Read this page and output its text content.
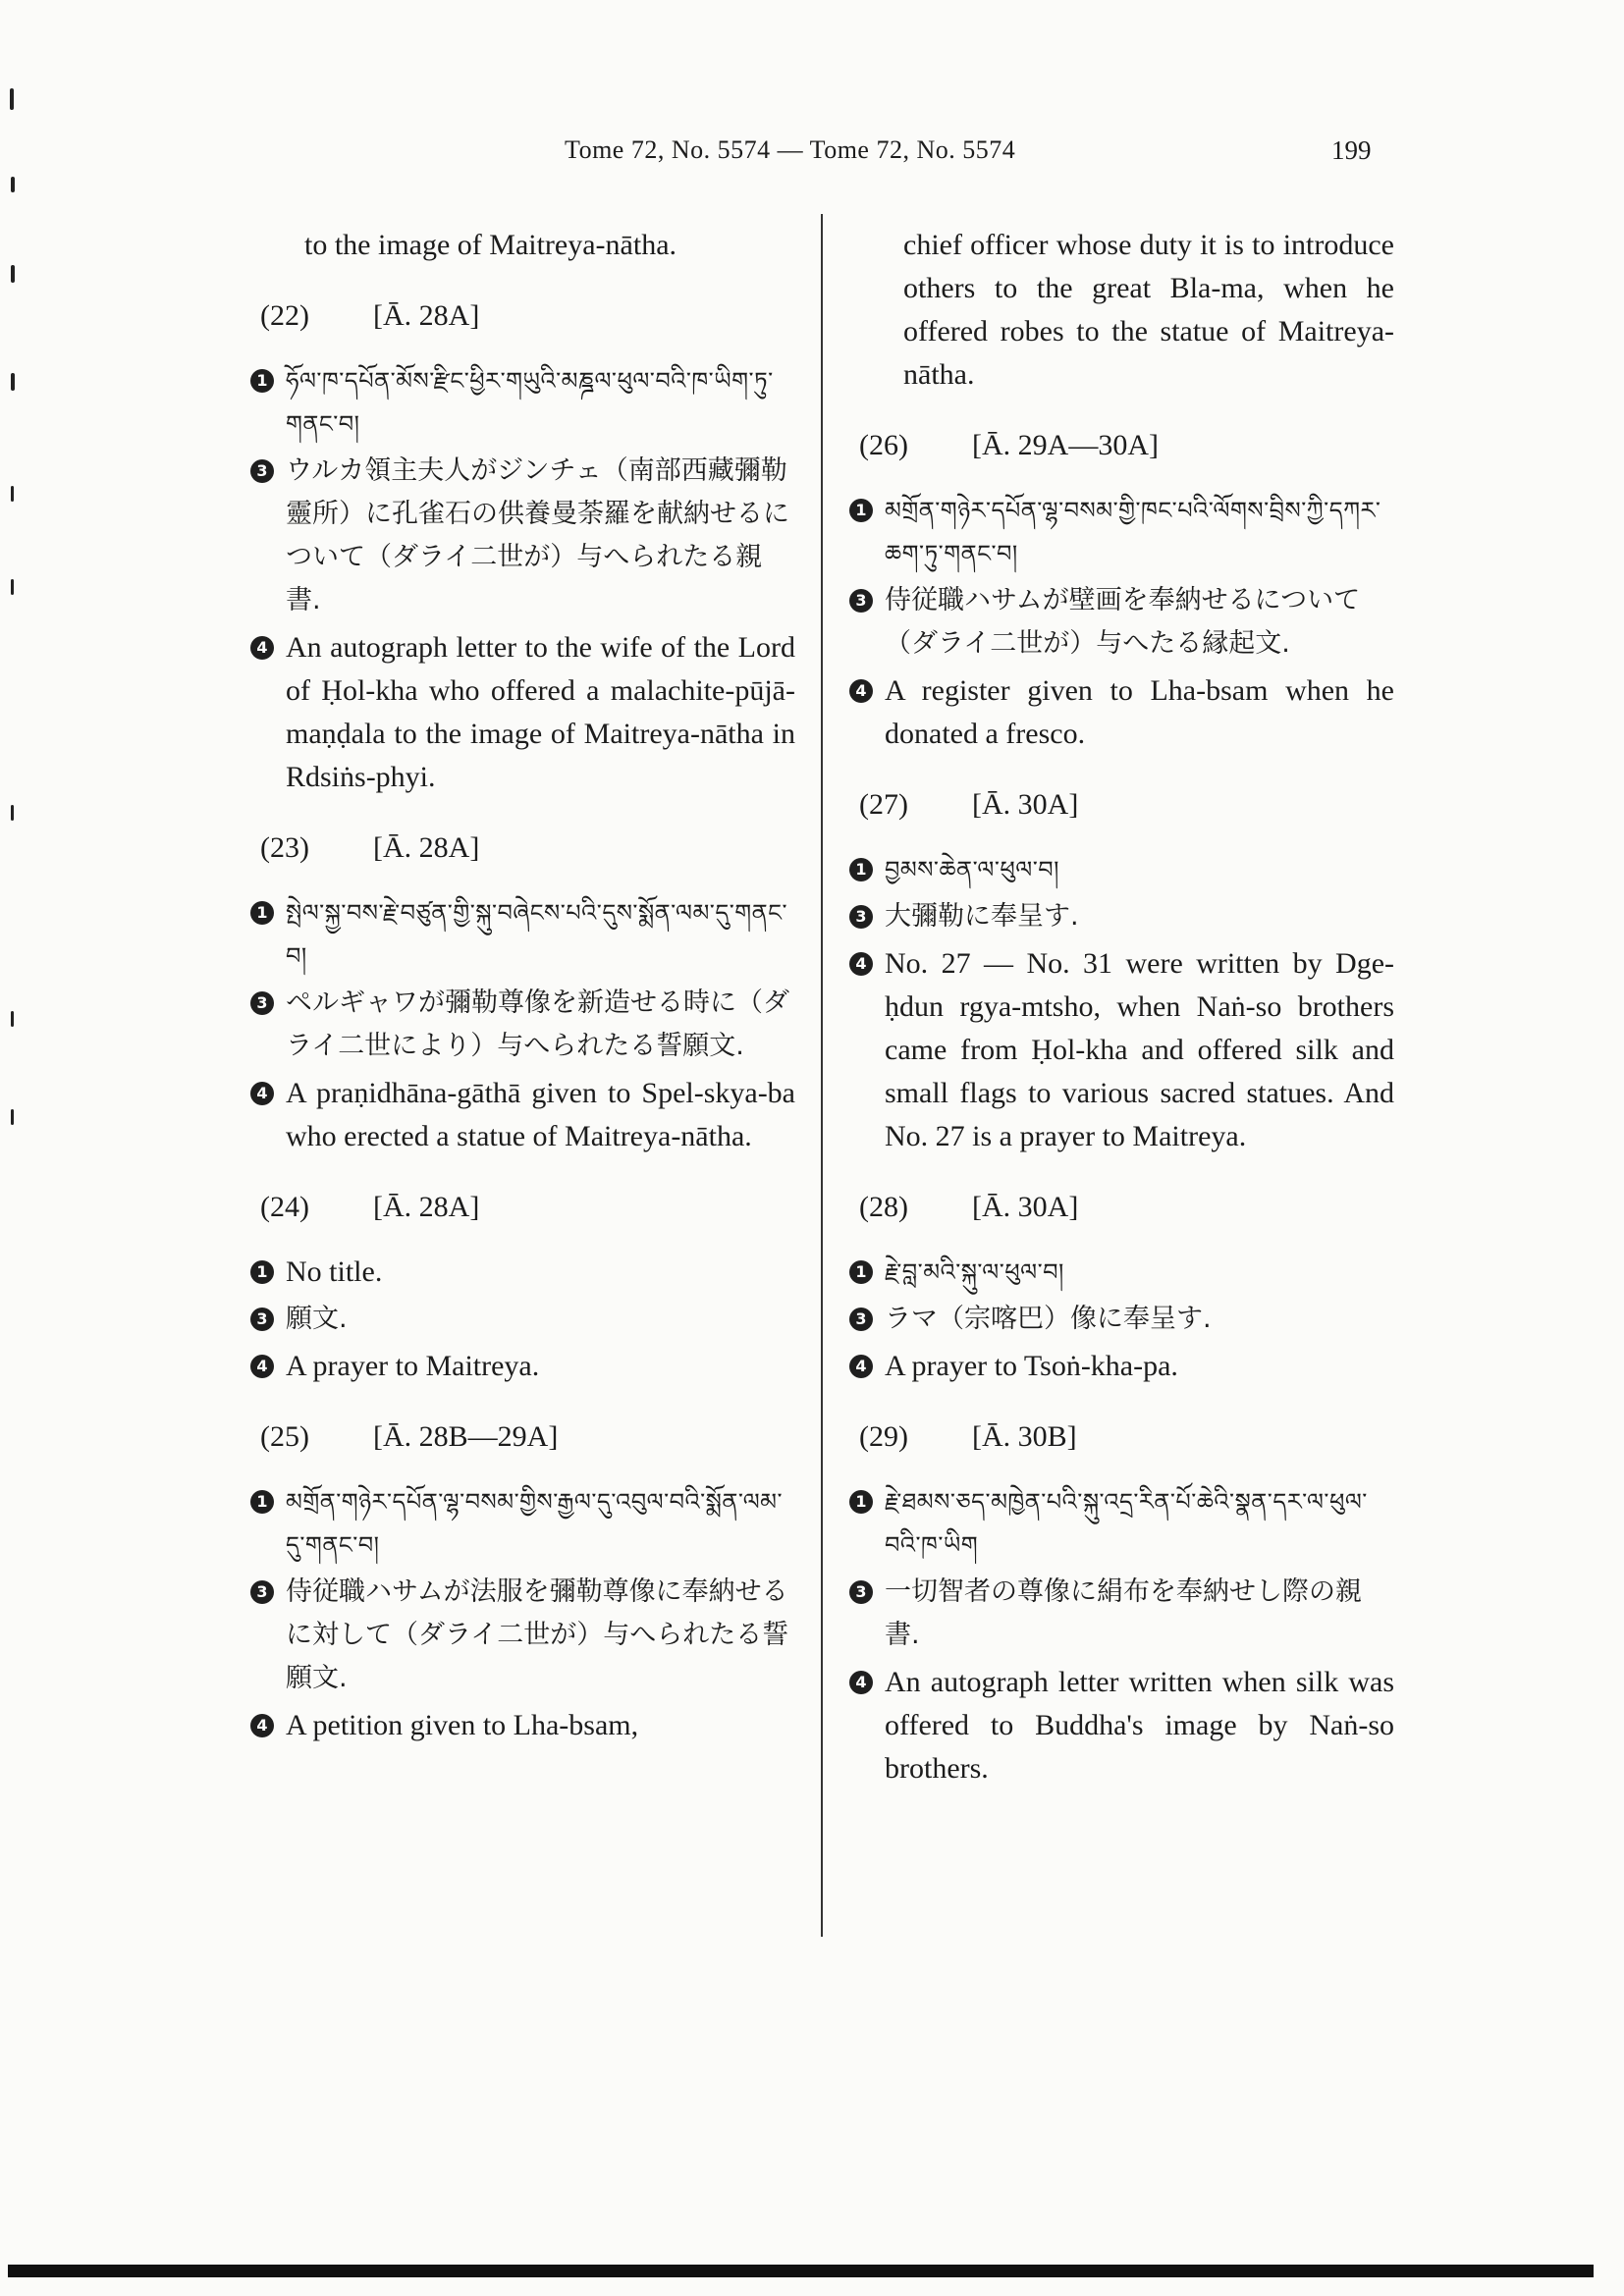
Tome 72, No. 5574 — Tome 72, No. 5574	199

to the image of Maitreya-nātha.

(22)	[Ā. 28A]
1 ཧོལ་ཁ་དཔོན་མོས་རྫིང་ཕྱིར་གཡུའི་མཎྜལ་ཕུལ་བའི་ཁ་ཡིག་ཏུ་གནང་བ།
3 ウルカ領主夫人がジンチェ（南部西藏彌勒靈所）に孔雀石の供養曼荼羅を献納せるについて（ダライ二世が）与へられたる親書.
4 An autograph letter to the wife of the Lord of Ḥol-kha who offered a malachite-pūjā-maṇḍala to the image of Maitreya-nātha in Rdsiṅs-phyi.
(23)	[Ā. 28A]
1 སྤེལ་སྐྱ་བས་རྗེ་བཙུན་གྱི་སྐུ་བཞེངས་པའི་དུས་སྨོན་ལམ་དུ་གནང་བ།
3 ペルギャワが彌勒尊像を新造せる時に（ダライ二世により）与へられたる誓願文.
4 A praṇidhāna-gāthā given to Spel-skya-ba who erected a statue of Maitreya-nātha.
(24)	[Ā. 28A]
1 No title.
3 願文.
4 A prayer to Maitreya.
(25)	[Ā. 28B—29A]
1 མགྲོན་གཉེར་དཔོན་ལྷ་བསམ་གྱིས་རྒྱལ་དུ་འབུལ་བའི་སྨོན་ལམ་དུ་གནང་བ།
3 侍従職ハサムが法服を彌勒尊像に奉納せるに対して（ダライ二世が）与へられたる誓願文.
4 A petition given to Lha-bsam,

chief officer whose duty it is to introduce others to the great Bla-ma, when he offered robes to the statue of Maitreya-nātha.

(26)	[Ā. 29A—30A]
1 མགྲོན་གཉེར་དཔོན་ལྷ་བསམ་གྱི་ཁང་པའི་ལོགས་བྲིས་ཀྱི་དཀར་ཆག་ཏུ་གནང་བ།
3 侍従職ハサムが壁画を奉納せるについて（ダライ二世が）与へたる縁起文.
4 A register given to Lha-bsam when he donated a fresco.
(27)	[Ā. 30A]
1 བྱམས་ཆེན་ལ་ཕུལ་བ།
3 大彌勒に奉呈す.
4 No. 27 — No. 31 were written by Dge-ḥdun rgya-mtsho, when Naṅ-so brothers came from Ḥol-kha and offered silk and small flags to various sacred statues. And No. 27 is a prayer to Maitreya.
(28)	[Ā. 30A]
1 རྗེ་བླ་མའི་སྐུ་ལ་ཕུལ་བ།
3 ラマ（宗喀巴）像に奉呈す.
4 A prayer to Tsoṅ-kha-pa.
(29)	[Ā. 30B]
1 རྗེ་ཐམས་ཅད་མཁྱེན་པའི་སྐུ་འདྲ་རིན་པོ་ཆེའི་སྣན་དར་ལ་ཕུལ་བའི་ཁ་ཡིག
3 一切智者の尊像に絹布を奉納せし際の親書.
4 An autograph letter written when silk was offered to Buddha's image by Naṅ-so brothers.
